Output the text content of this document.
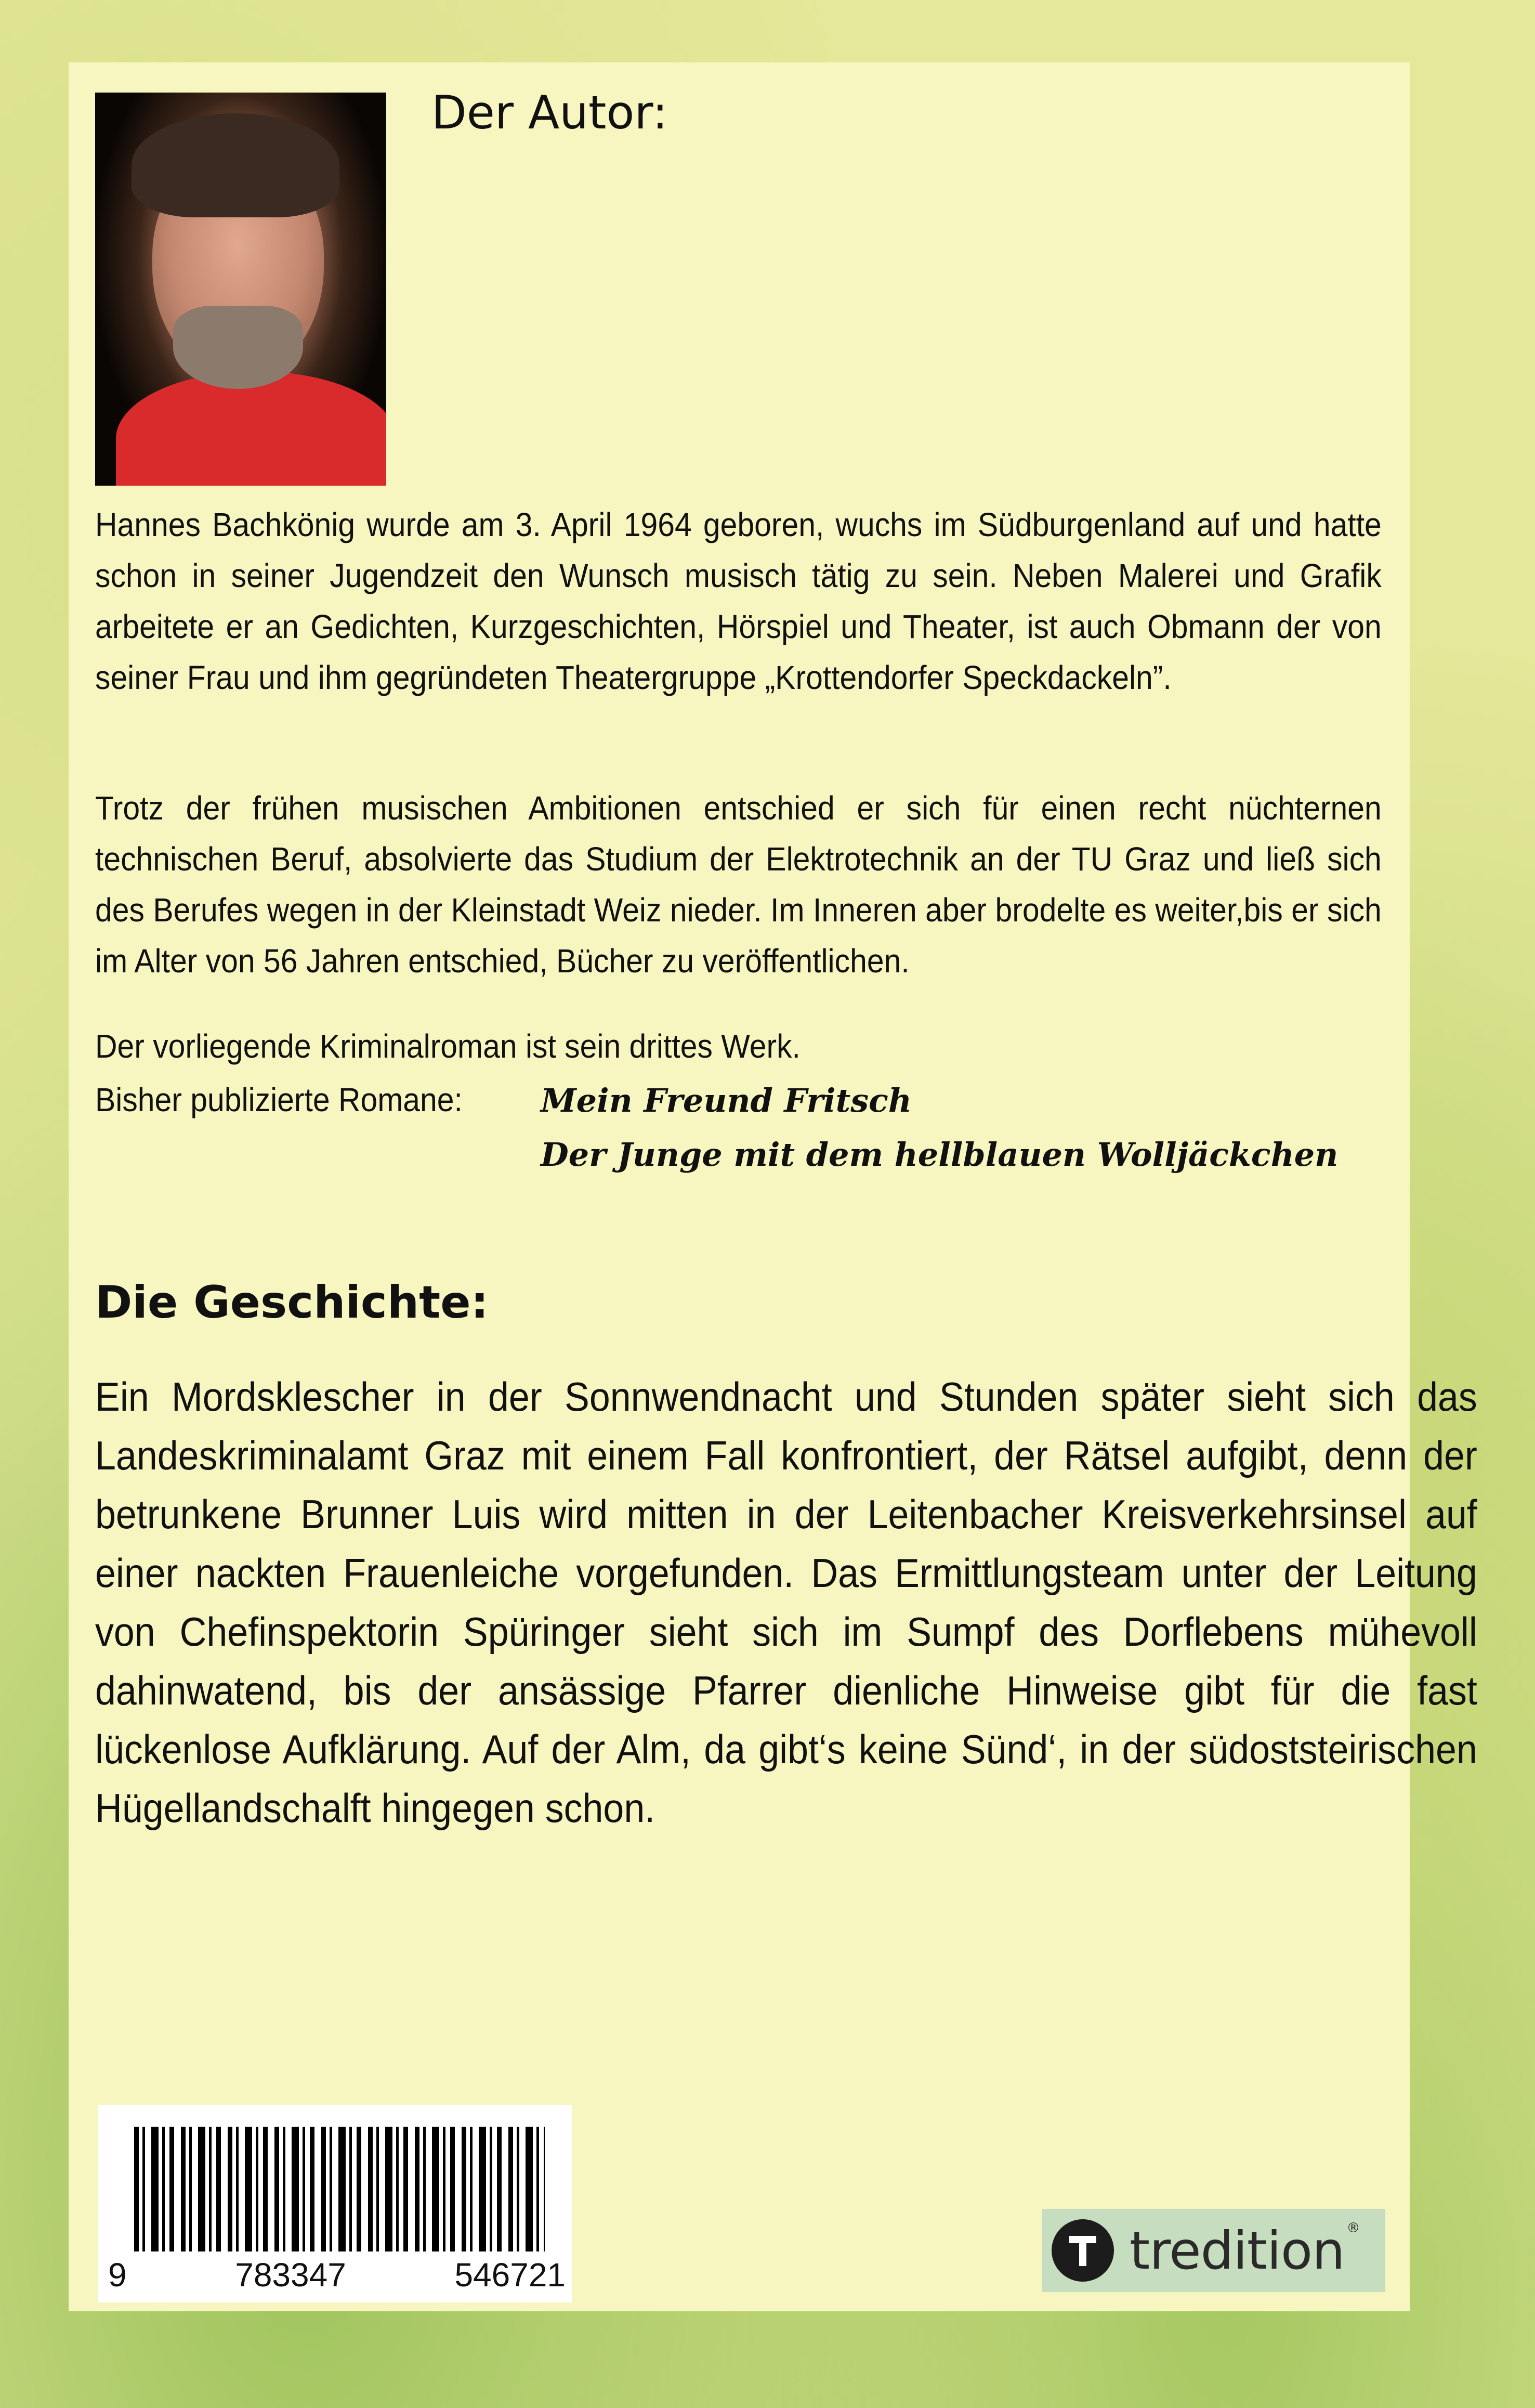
Der Autor:

Hannes Bachkönig wurde am 3. April 1964 geboren, wuchs im Südburgenland auf und hatte schon in seiner Jugendzeit den Wunsch musisch tätig zu sein. Neben Malerei und Grafik arbeitete er an Gedichten, Kurzgeschichten, Hörspiel und Theater, ist auch Obmann der von seiner Frau und ihm gegründeten Theatergruppe „Krottendorfer Speckdackeln”.

Trotz der frühen musischen Ambitionen entschied er sich für einen recht nüchternen technischen Beruf, absolvierte das Studium der Elektrotechnik an der TU Graz und ließ sich des Berufes wegen in der Kleinstadt Weiz nieder. Im Inneren aber brodelte es weiter,bis er sich im Alter von 56 Jahren entschied, Bücher zu veröffentlichen.

Der vorliegende Kriminalroman ist sein drittes Werk.

Bisher publizierte Romane: Mein Freund Fritsch

Der Junge mit dem hellblauen Wolljäckchen

Die Geschichte:

Ein Mordsklescher in der Sonnwendnacht und Stunden später sieht sich das Landeskriminalamt Graz mit einem Fall konfrontiert, der Rätsel aufgibt, denn der betrunkene Brunner Luis wird mitten in der Leitenbacher Kreisverkehrsinsel auf einer nackten Frauenleiche vorgefunden. Das Ermittlungsteam unter der Leitung von Chefinspektorin Spüringer sieht sich im Sumpf des Dorflebens mühevoll dahinwatend, bis der ansässige Pfarrer dienliche Hinweise gibt für die fast lückenlose Aufklärung. Auf der Alm, da gibt‘s keine Sünd‘, in der südoststeirischen Hügellandschalft hingegen schon.

9	783347	546721	tredition ®
